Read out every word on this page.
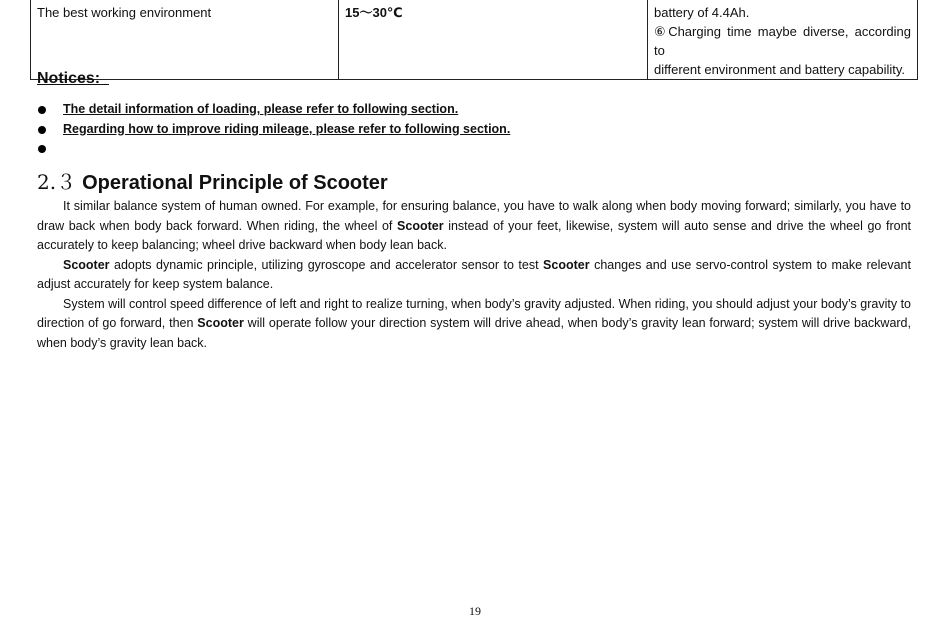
The best working environment	15～30℃	battery of 4.4Ah.
⑥Charging time maybe diverse, according to
different environment and battery capability.
Notices:
The detail information of loading, please refer to following section.
Regarding how to improve riding mileage, please refer to following section.
2.３ Operational Principle of Scooter

It similar balance system of human owned. For example, for ensuring balance, you have to walk along when body moving forward; similarly, you have to draw back when body back forward. When riding, the wheel of Scooter instead of your feet, likewise, system will auto sense and drive the wheel go front accurately to keep balancing; wheel drive backward when body lean back.

Scooter adopts dynamic principle, utilizing gyroscope and accelerator sensor to test Scooter changes and use servo-control system to make relevant adjust accurately for keep system balance.

System will control speed difference of left and right to realize turning, when body’s gravity adjusted. When riding, you should adjust your body’s gravity to direction of go forward, then Scooter will operate follow your direction system will drive ahead, when body’s gravity lean forward; system will drive backward, when body’s gravity lean back.

19
